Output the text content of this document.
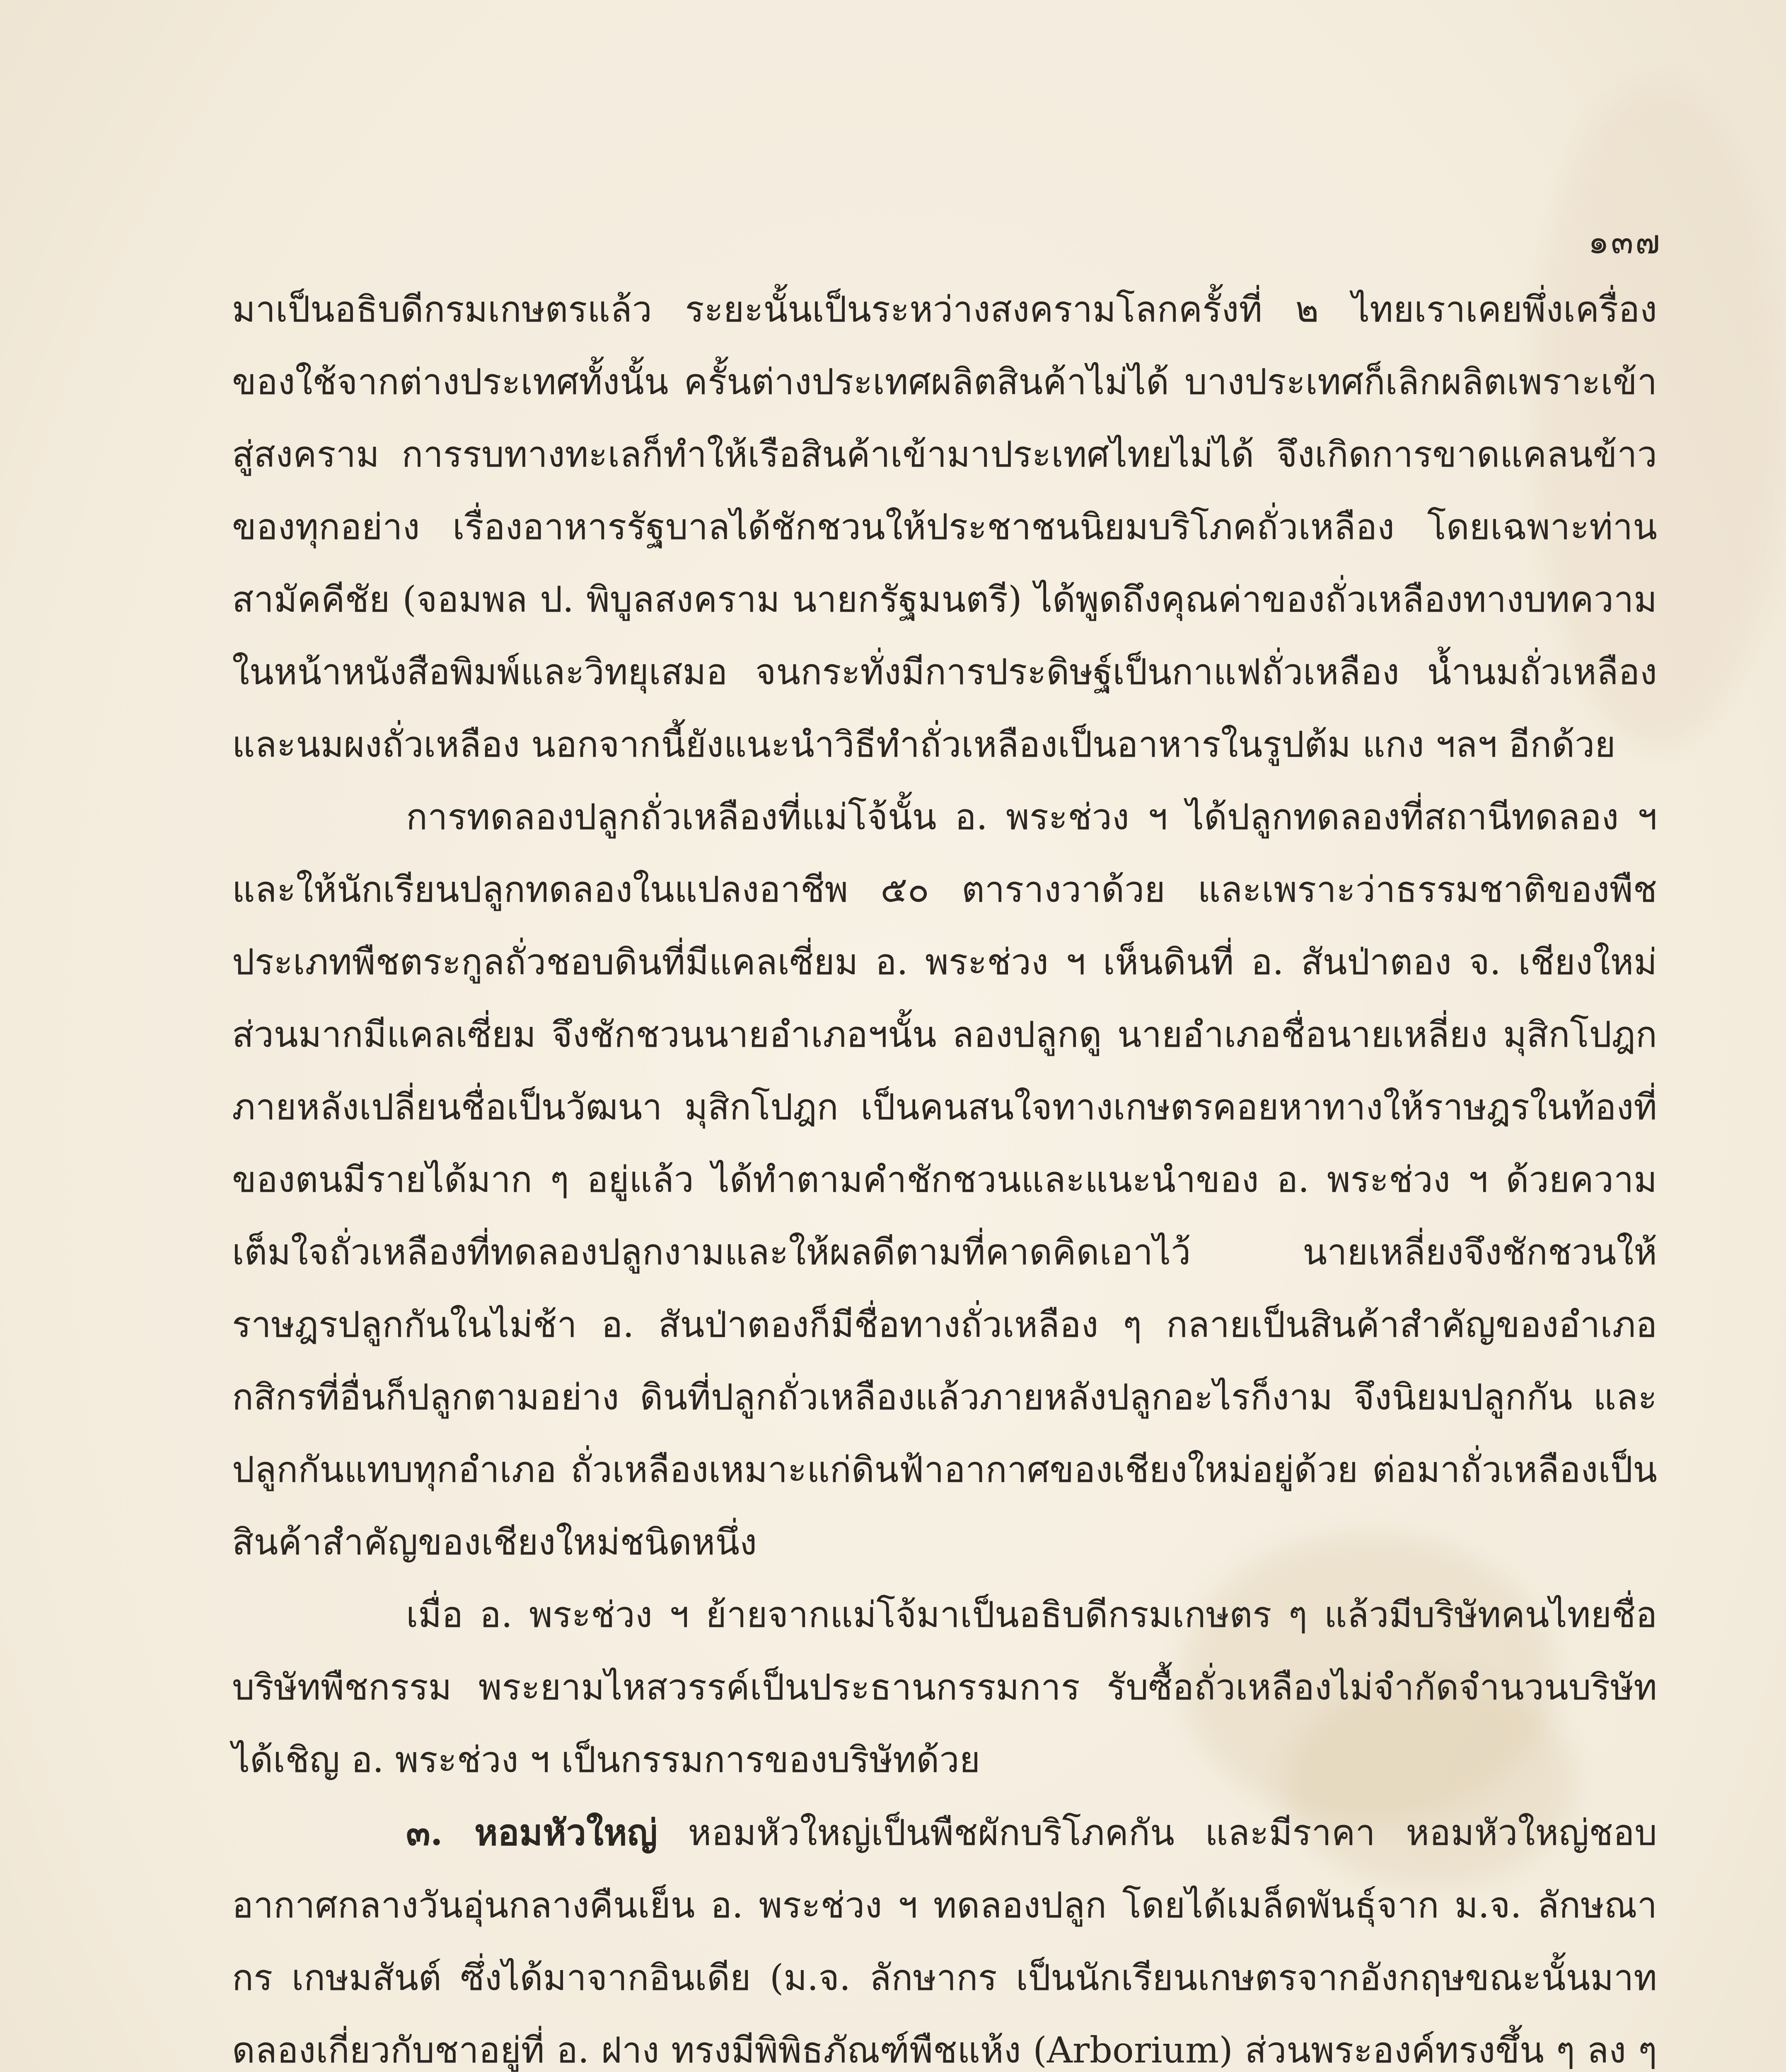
๑๓๗

มาเป็นอธิบดีกรมเกษตรแล้ว ระยะนั้นเป็นระหว่างสงครามโลกครั้งที่ ๒ ไทยเราเคยพึ่งเครื่องของใช้จากต่างประเทศทั้งนั้น ครั้นต่างประเทศผลิตสินค้าไม่ได้ บางประเทศก็เลิกผลิตเพราะเข้าสู่สงคราม การรบทางทะเลก็ทำให้เรือสินค้าเข้ามาประเทศไทยไม่ได้ จึงเกิดการขาดแคลนข้าวของทุกอย่าง เรื่องอาหารรัฐบาลได้ชักชวนให้ประชาชนนิยมบริโภคถั่วเหลือง โดยเฉพาะท่านสามัคคีชัย (จอมพล ป. พิบูลสงคราม นายกรัฐมนตรี) ได้พูดถึงคุณค่าของถั่วเหลืองทางบทความในหน้าหนังสือพิมพ์และวิทยุเสมอ จนกระทั่งมีการประดิษฐ์เป็นกาแฟถั่วเหลือง น้ำนมถั่วเหลืองและนมผงถั่วเหลือง นอกจากนี้ยังแนะนำวิธีทำถั่วเหลืองเป็นอาหารในรูปต้ม แกง ฯลฯ อีกด้วย

การทดลองปลูกถั่วเหลืองที่แม่โจ้นั้น อ. พระช่วง ฯ ได้ปลูกทดลองที่สถานีทดลอง ฯ และให้นักเรียนปลูกทดลองในแปลงอาชีพ ๕๐ ตารางวาด้วย และเพราะว่าธรรมชาติของพืชประเภทพืชตระกูลถั่วชอบดินที่มีแคลเซี่ยม อ. พระช่วง ฯ เห็นดินที่ อ. สันป่าตอง จ. เชียงใหม่ส่วนมากมีแคลเซี่ยม จึงชักชวนนายอำเภอฯนั้น ลองปลูกดู นายอำเภอชื่อนายเหลี่ยง มุสิกโปฎกภายหลังเปลี่ยนชื่อเป็นวัฒนา มุสิกโปฎก เป็นคนสนใจทางเกษตรคอยหาทางให้ราษฎรในท้องที่ของตนมีรายได้มาก ๆ อยู่แล้ว ได้ทำตามคำชักชวนและแนะนำของ อ. พระช่วง ฯ ด้วยความเต็มใจถั่วเหลืองที่ทดลองปลูกงามและให้ผลดีตามที่คาดคิดเอาไว้ นายเหลี่ยงจึงชักชวนให้ราษฎรปลูกกันในไม่ช้า อ. สันป่าตองก็มีชื่อทางถั่วเหลือง ๆ กลายเป็นสินค้าสำคัญของอำเภอ กสิกรที่อื่นก็ปลูกตามอย่าง ดินที่ปลูกถั่วเหลืองแล้วภายหลังปลูกอะไรก็งาม จึงนิยมปลูกกัน และปลูกกันแทบทุกอำเภอ ถั่วเหลืองเหมาะแก่ดินฟ้าอากาศของเชียงใหม่อยู่ด้วย ต่อมาถั่วเหลืองเป็นสินค้าสำคัญของเชียงใหม่ชนิดหนึ่ง

เมื่อ อ. พระช่วง ฯ ย้ายจากแม่โจ้มาเป็นอธิบดีกรมเกษตร ๆ แล้วมีบริษัทคนไทยชื่อบริษัทพืชกรรม พระยามไหสวรรค์เป็นประธานกรรมการ รับซื้อถั่วเหลืองไม่จำกัดจำนวนบริษัทได้เชิญ อ. พระช่วง ฯ เป็นกรรมการของบริษัทด้วย

๓. หอมหัวใหญ่ หอมหัวใหญ่เป็นพืชผักบริโภคกัน และมีราคา หอมหัวใหญ่ชอบอากาศกลางวันอุ่นกลางคืนเย็น อ. พระช่วง ฯ ทดลองปลูก โดยได้เมล็ดพันธุ์จาก ม.จ. ลักษณากร เกษมสันต์ ซึ่งได้มาจากอินเดีย (ม.จ. ลักษากร เป็นนักเรียนเกษตรจากอังกฤษขณะนั้นมาทดลองเกี่ยวกับชาอยู่ที่ อ. ฝาง ทรงมีพิพิธภัณฑ์พืชแห้ง (Arborium) ส่วนพระองค์ทรงขึ้น ๆ ลง ๆ
